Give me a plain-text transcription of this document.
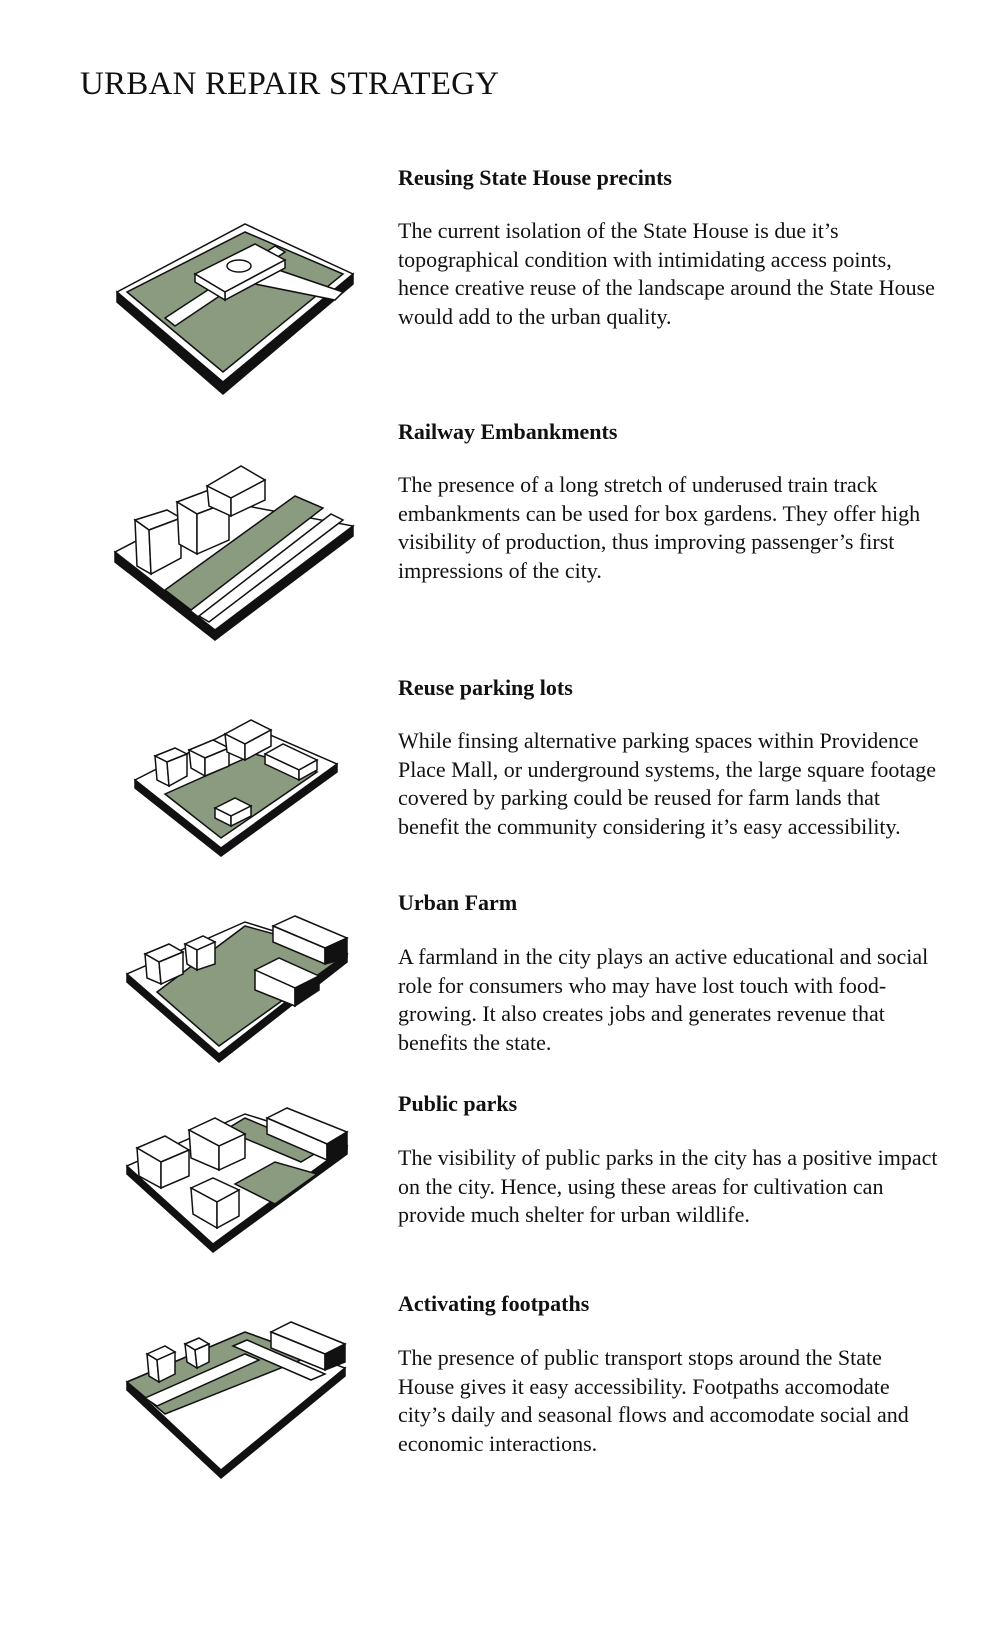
URBAN REPAIR STRATEGY
Reusing State House precints

The current isolation of the State House is due it’s topographical condition with intimidating access points, hence creative reuse of the landscape around the State House would add to the urban quality.

Railway Embankments

The presence of a long stretch of underused train track embankments can be used for box gardens. They offer high visibility of production, thus improving passenger’s first impressions of the city.

Reuse parking lots

While finsing alternative parking spaces within Providence Place Mall, or underground systems, the large square footage covered by parking could be reused for farm lands that benefit the community considering it’s easy accessibility.

Urban Farm

A farmland in the city plays an active educational and social role for consumers who may have lost touch with food-growing. It also creates jobs and generates revenue that benefits the state.

Public parks

The visibility of public parks in the city has a positive impact on the city. Hence, using these areas for cultivation can provide much shelter for urban wildlife.

Activating footpaths

The presence of public transport stops around the State House gives it easy accessibility. Footpaths accomodate city’s daily and seasonal flows and accomodate social and economic interactions.
